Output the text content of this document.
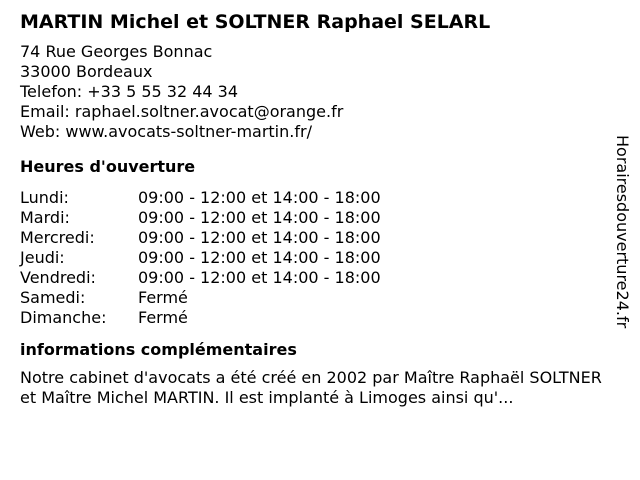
MARTIN Michel et SOLTNER Raphael SELARL
74 Rue Georges Bonnac
33000 Bordeaux
Telefon: +33 5 55 32 44 34
Email: raphael.soltner.avocat@orange.fr
Web: www.avocats-soltner-martin.fr/
Heures d'ouverture
Lundi:	09:00 - 12:00 et 14:00 - 18:00
Mardi:	09:00 - 12:00 et 14:00 - 18:00
Mercredi:	09:00 - 12:00 et 14:00 - 18:00
Jeudi:	09:00 - 12:00 et 14:00 - 18:00
Vendredi:	09:00 - 12:00 et 14:00 - 18:00
Samedi:	Fermé
Dimanche:	Fermé
informations complémentaires

Notre cabinet d'avocats a été créé en 2002 par Maître Raphaël SOLTNER et Maître Michel MARTIN. Il est implanté à Limoges ainsi qu'...

Horairesdouverture24.fr
